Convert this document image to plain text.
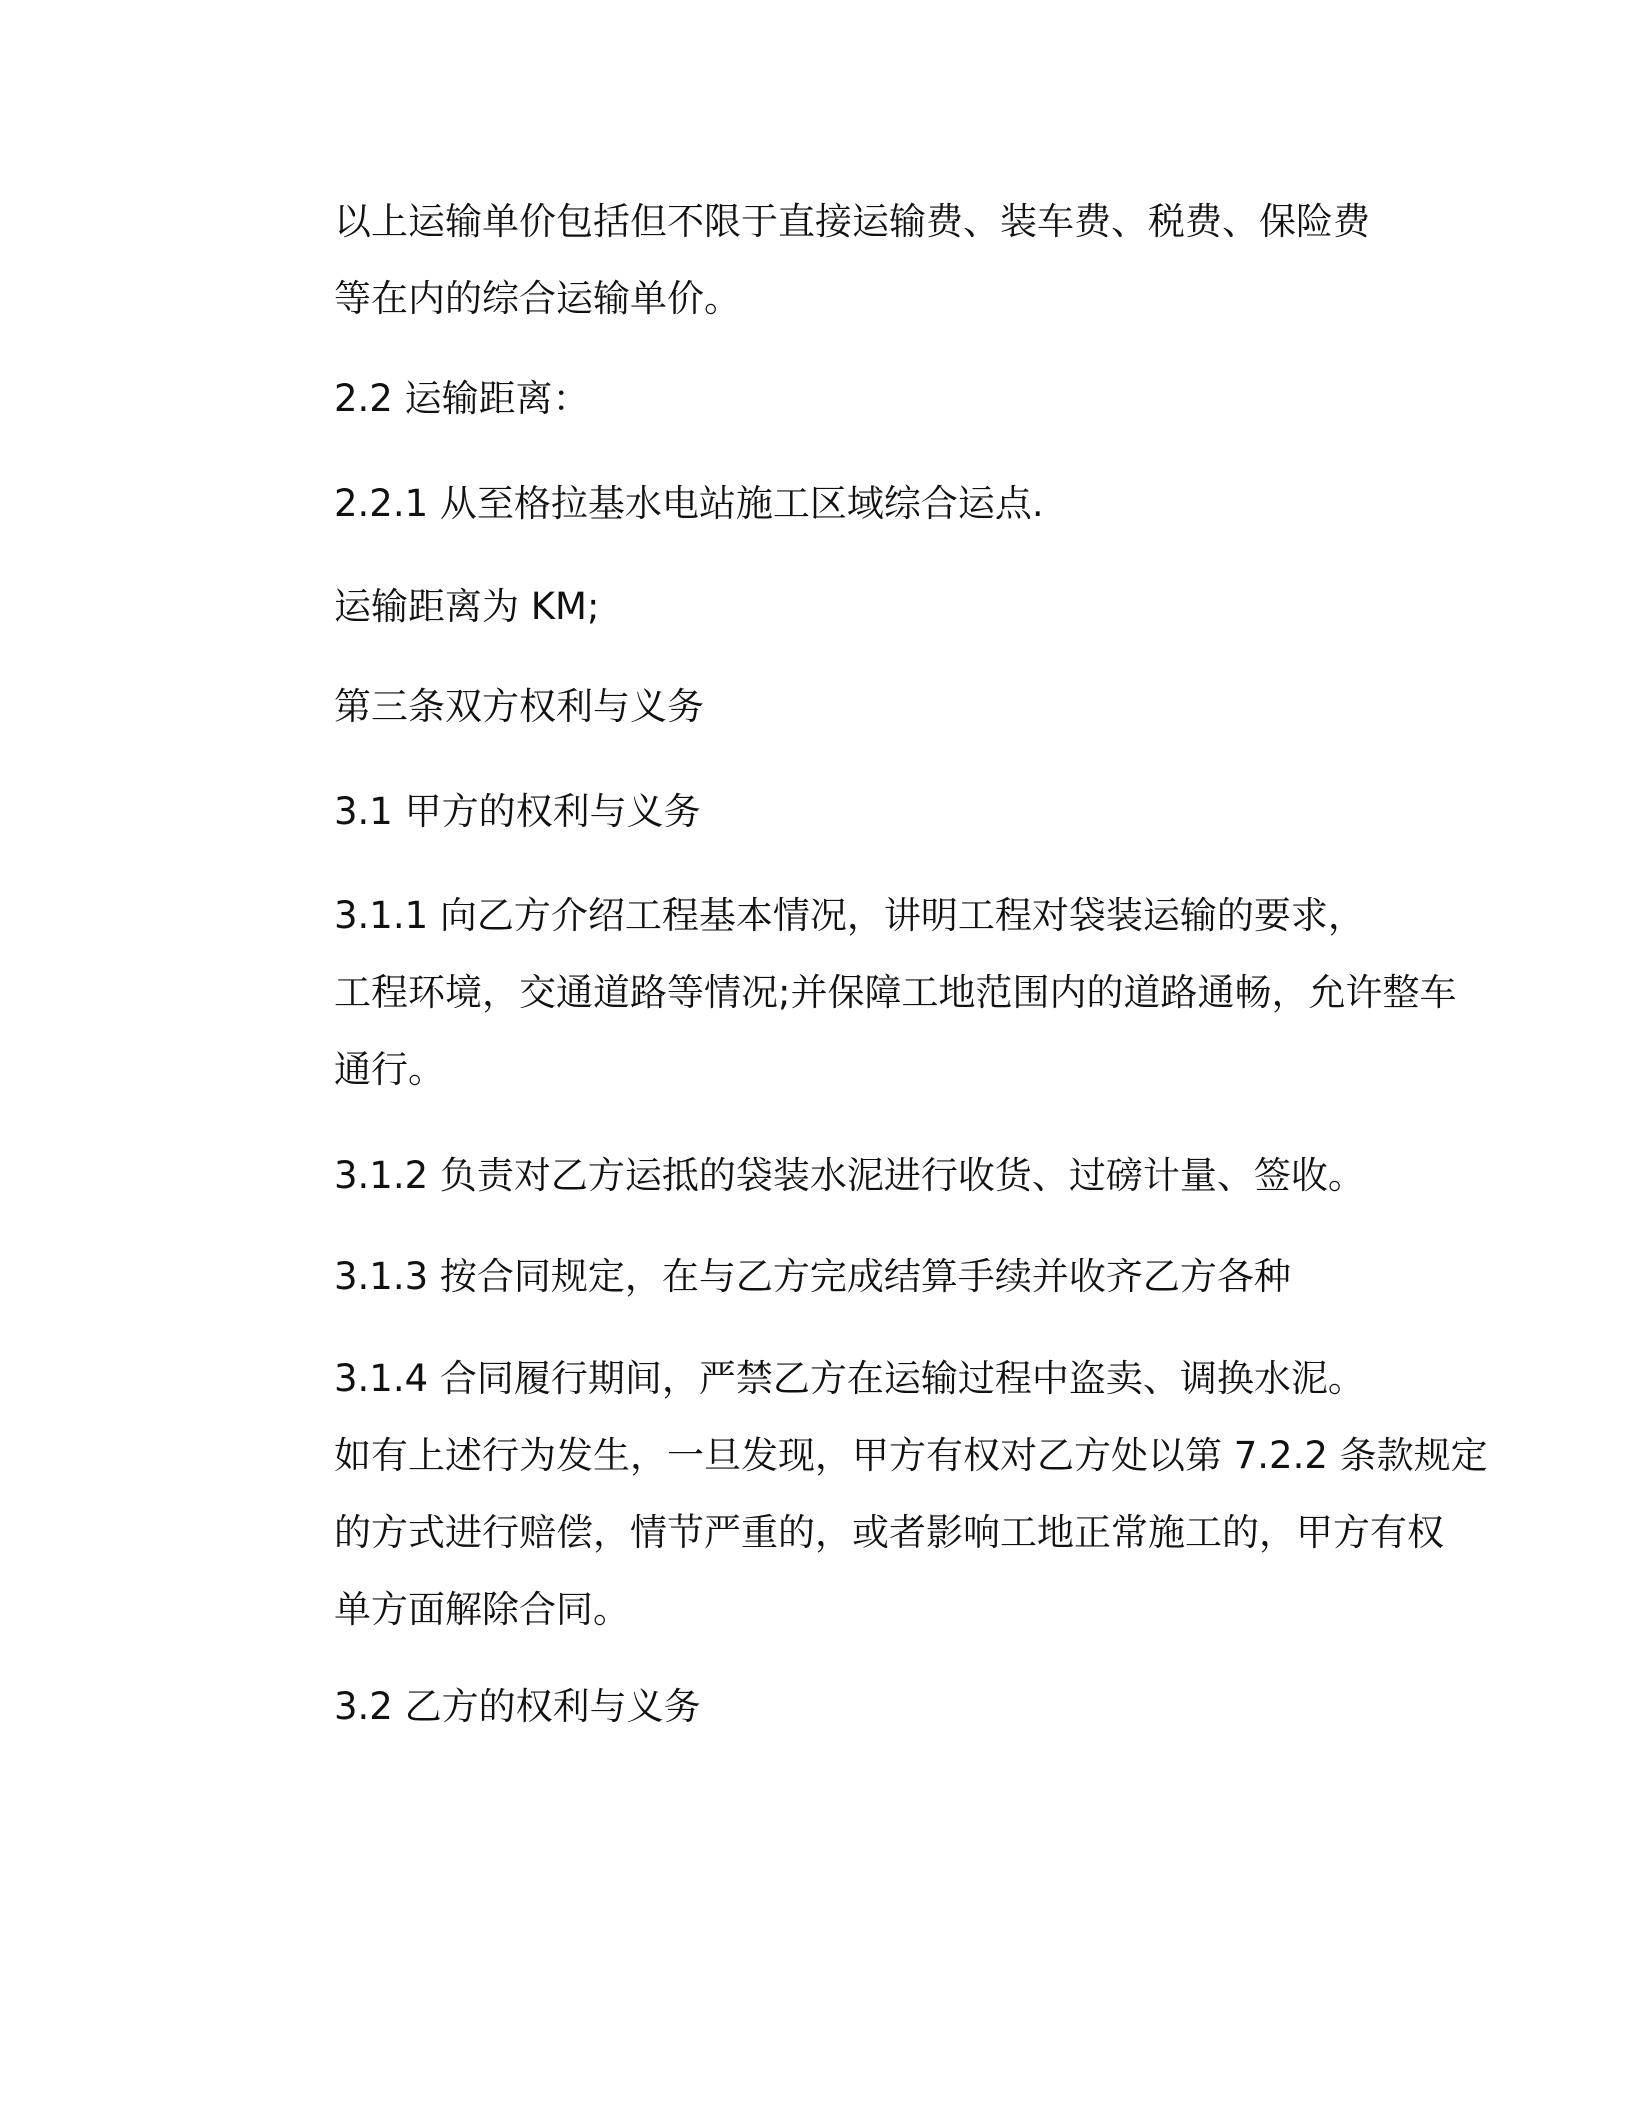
以上运输单价包括但不限于直接运输费、装车费、税费、保险费
等在内的综合运输单价。

2.2 运输距离：

2.2.1 从至格拉基水电站施工区域综合运点.

运输距离为 KM;

第三条双方权利与义务

3.1 甲方的权利与义务

3.1.1 向乙方介绍工程基本情况，讲明工程对袋装运输的要求，
工程环境，交通道路等情况;并保障工地范围内的道路通畅，允许整车
通行。

3.1.2 负责对乙方运抵的袋装水泥进行收货、过磅计量、签收。

3.1.3 按合同规定，在与乙方完成结算手续并收齐乙方各种

3.1.4 合同履行期间，严禁乙方在运输过程中盗卖、调换水泥。
如有上述行为发生，一旦发现，甲方有权对乙方处以第 7.2.2 条款规定
的方式进行赔偿，情节严重的，或者影响工地正常施工的，甲方有权
单方面解除合同。

3.2 乙方的权利与义务
